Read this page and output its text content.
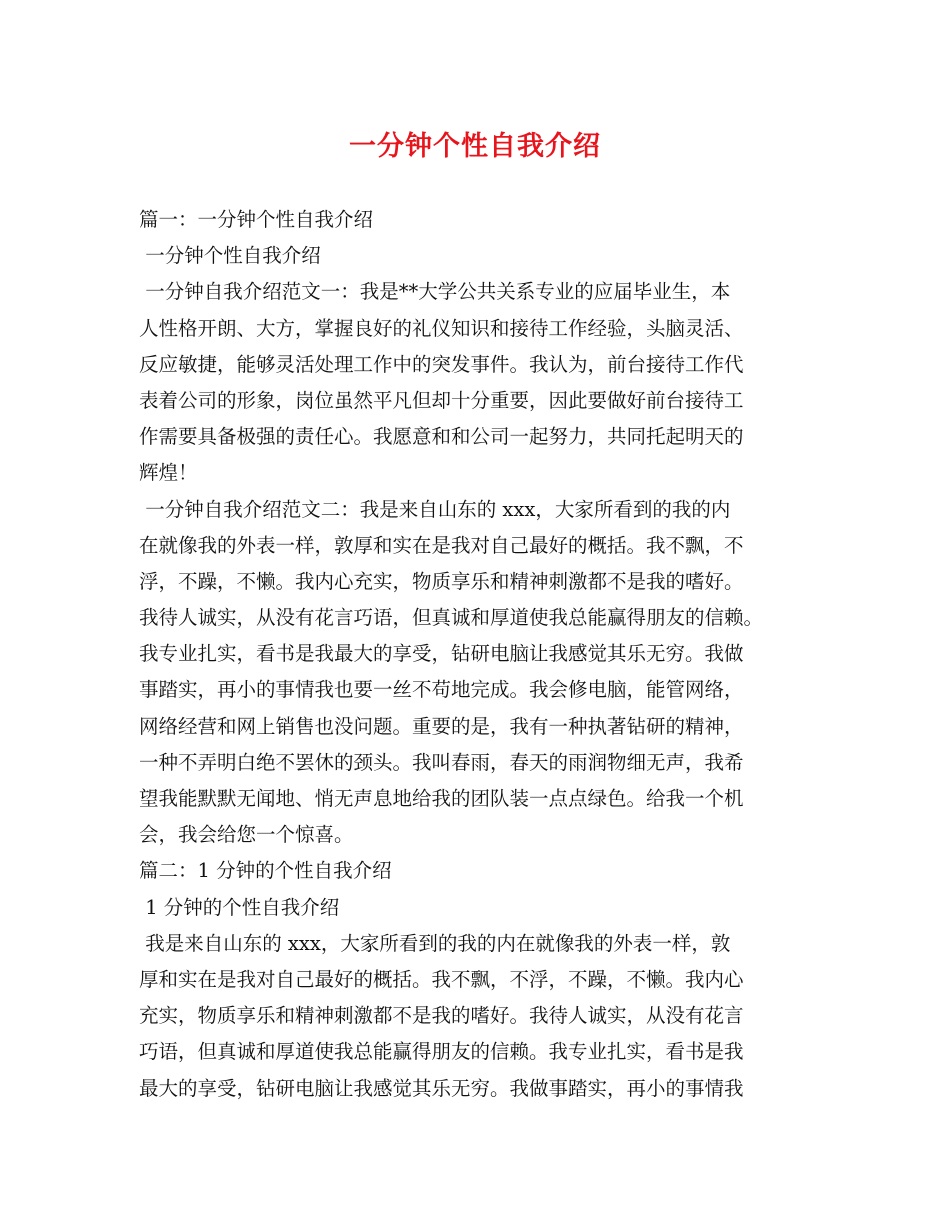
一分钟个性自我介绍
篇一：一分钟个性自我介绍
一分钟个性自我介绍
一分钟自我介绍范文一：我是**大学公共关系专业的应届毕业生，本
人性格开朗、大方，掌握良好的礼仪知识和接待工作经验，头脑灵活、
反应敏捷，能够灵活处理工作中的突发事件。我认为，前台接待工作代
表着公司的形象，岗位虽然平凡但却十分重要，因此要做好前台接待工
作需要具备极强的责任心。我愿意和和公司一起努力，共同托起明天的
辉煌！
一分钟自我介绍范文二：我是来自山东的 xxx，大家所看到的我的内
在就像我的外表一样，敦厚和实在是我对自己最好的概括。我不飘，不
浮，不躁，不懒。我内心充实，物质享乐和精神刺激都不是我的嗜好。
我待人诚实，从没有花言巧语，但真诚和厚道使我总能赢得朋友的信赖。
我专业扎实，看书是我最大的享受，钻研电脑让我感觉其乐无穷。我做
事踏实，再小的事情我也要一丝不苟地完成。我会修电脑，能管网络，
网络经营和网上销售也没问题。重要的是，我有一种执著钻研的精神，
一种不弄明白绝不罢休的颈头。我叫春雨，春天的雨润物细无声，我希
望我能默默无闻地、悄无声息地给我的团队装一点点绿色。给我一个机
会，我会给您一个惊喜。
篇二：1 分钟的个性自我介绍
1 分钟的个性自我介绍
我是来自山东的 xxx，大家所看到的我的内在就像我的外表一样，敦
厚和实在是我对自己最好的概括。我不飘，不浮，不躁，不懒。我内心
充实，物质享乐和精神刺激都不是我的嗜好。我待人诚实，从没有花言
巧语，但真诚和厚道使我总能赢得朋友的信赖。我专业扎实，看书是我
最大的享受，钻研电脑让我感觉其乐无穷。我做事踏实，再小的事情我
